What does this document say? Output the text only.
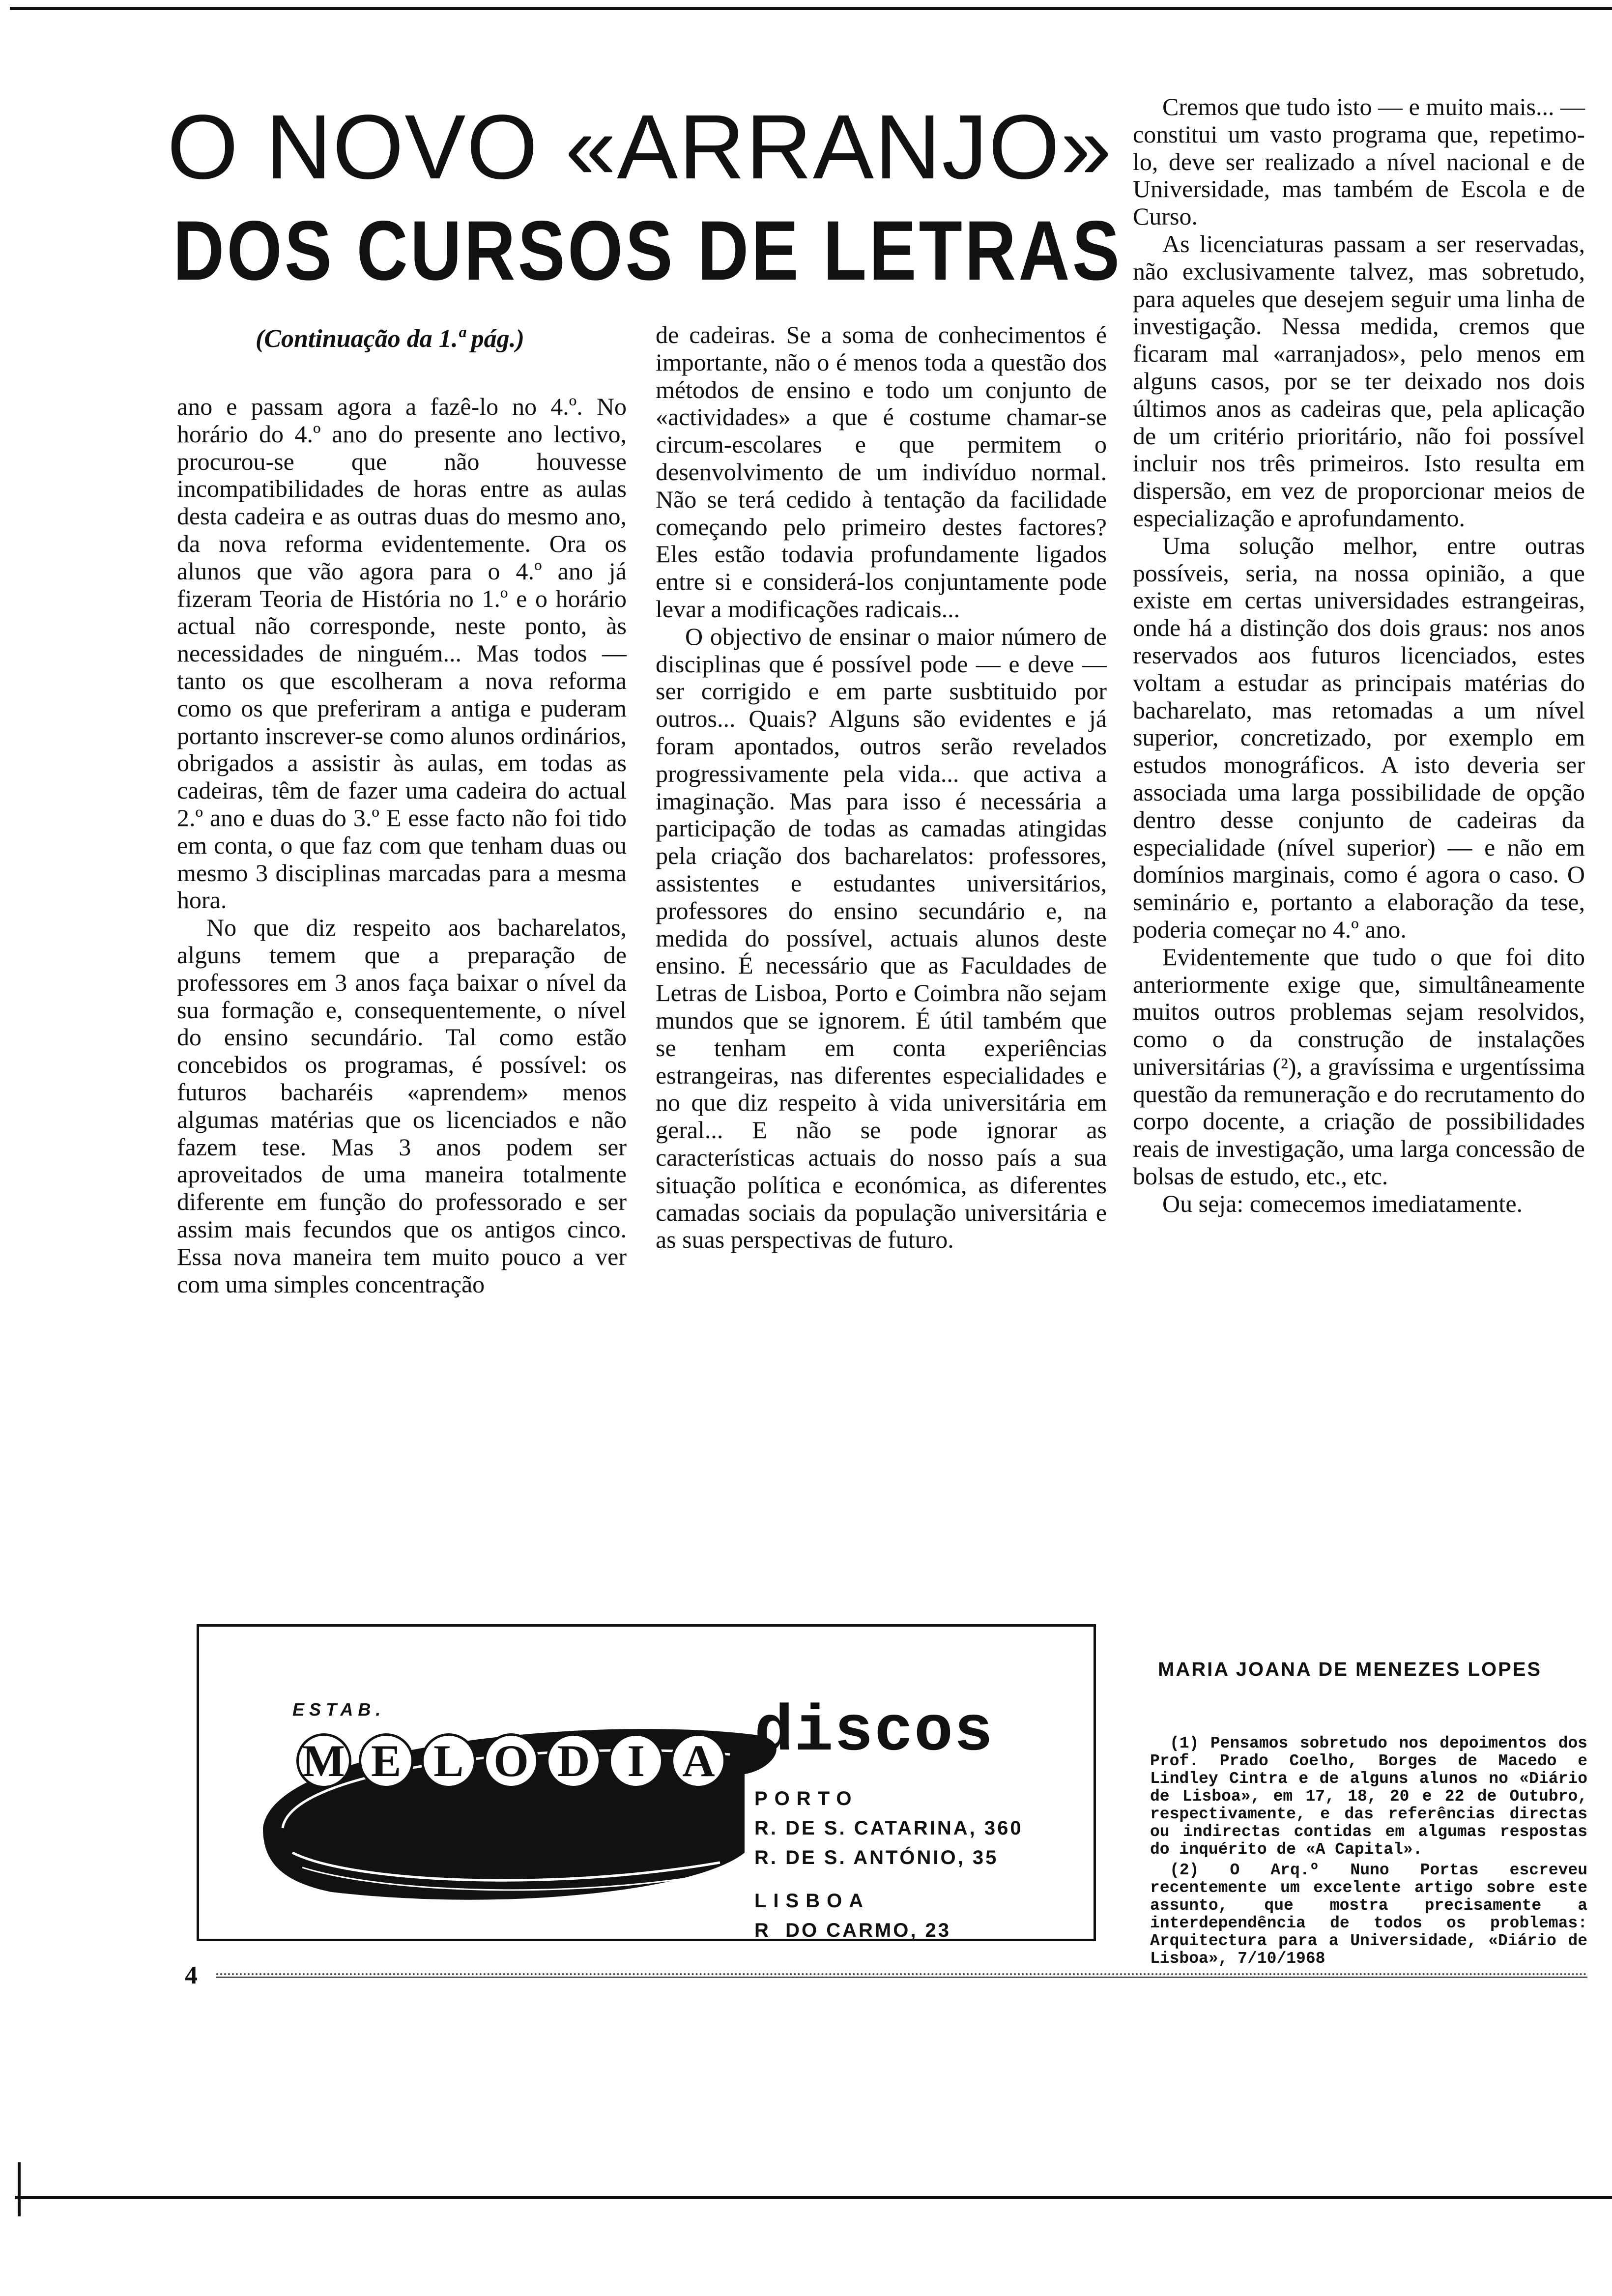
O NOVO «ARRANJO»
DOS CURSOS DE LETRAS
(Continuação da 1.ª pág.)

ano e passam agora a fazê-lo no 4.º. No horário do 4.º ano do presente ano lectivo, procurou-se que não houvesse incompatibilidades de horas entre as aulas desta cadeira e as outras duas do mesmo ano, da nova reforma evidentemente. Ora os alunos que vão agora para o 4.º ano já fizeram Teoria de História no 1.º e o horário actual não corresponde, neste ponto, às necessidades de ninguém... Mas todos — tanto os que escolheram a nova reforma como os que preferiram a antiga e puderam portanto inscrever-se como alunos ordinários, obrigados a assistir às aulas, em todas as cadeiras, têm de fazer uma cadeira do actual 2.º ano e duas do 3.º E esse facto não foi tido em conta, o que faz com que tenham duas ou mesmo 3 disciplinas marcadas para a mesma hora.

No que diz respeito aos bacharelatos, alguns temem que a preparação de professores em 3 anos faça baixar o nível da sua formação e, consequentemente, o nível do ensino secundário. Tal como estão concebidos os programas, é possível: os futuros bacharéis «aprendem» menos algumas matérias que os licenciados e não fazem tese. Mas 3 anos podem ser aproveitados de uma maneira totalmente diferente em função do professorado e ser assim mais fecundos que os antigos cinco. Essa nova maneira tem muito pouco a ver com uma simples concentração

de cadeiras. Se a soma de conhecimentos é importante, não o é menos toda a questão dos métodos de ensino e todo um conjunto de «actividades» a que é costume chamar-se circum-escolares e que permitem o desenvolvimento de um indivíduo normal. Não se terá cedido à tentação da facilidade começando pelo primeiro destes factores? Eles estão todavia profundamente ligados entre si e considerá-los conjuntamente pode levar a modificações radicais...

O objectivo de ensinar o maior número de disciplinas que é possível pode — e deve — ser corrigido e em parte susbtituido por outros... Quais? Alguns são evidentes e já foram apontados, outros serão revelados progressivamente pela vida... que activa a imaginação. Mas para isso é necessária a participação de todas as camadas atingidas pela criação dos bacharelatos: professores, assistentes e estudantes universitários, professores do ensino secundário e, na medida do possível, actuais alunos deste ensino. É necessário que as Faculdades de Letras de Lisboa, Porto e Coimbra não sejam mundos que se ignorem. É útil também que se tenham em conta experiências estrangeiras, nas diferentes especialidades e no que diz respeito à vida universitária em geral... E não se pode ignorar as características actuais do nosso país a sua situação política e económica, as diferentes camadas sociais da população universitária e as suas perspectivas de futuro.

Cremos que tudo isto — e muito mais... — constitui um vasto programa que, repetimo-lo, deve ser realizado a nível nacional e de Universidade, mas também de Escola e de Curso.

As licenciaturas passam a ser reservadas, não exclusivamente talvez, mas sobretudo, para aqueles que desejem seguir uma linha de investigação. Nessa medida, cremos que ficaram mal «arranjados», pelo menos em alguns casos, por se ter deixado nos dois últimos anos as cadeiras que, pela aplicação de um critério prioritário, não foi possível incluir nos três primeiros. Isto resulta em dispersão, em vez de proporcionar meios de especialização e aprofundamento.

Uma solução melhor, entre outras possíveis, seria, na nossa opinião, a que existe em certas universidades estrangeiras, onde há a distinção dos dois graus: nos anos reservados aos futuros licenciados, estes voltam a estudar as principais matérias do bacharelato, mas retomadas a um nível superior, concretizado, por exemplo em estudos monográficos. A isto deveria ser associada uma larga possibilidade de opção dentro desse conjunto de cadeiras da especialidade (nível superior) — e não em domínios marginais, como é agora o caso. O seminário e, portanto a elaboração da tese, poderia começar no 4.º ano.

Evidentemente que tudo o que foi dito anteriormente exige que, simultâneamente muitos outros problemas sejam resolvidos, como o da construção de instalações universitárias (²), a gravíssima e urgentíssima questão da remuneração e do recrutamento do corpo docente, a criação de possibilidades reais de investigação, uma larga concessão de bolsas de estudo, etc., etc.

Ou seja: comecemos imediatamente.

MARIA JOANA DE MENEZES LOPES

(1) Pensamos sobretudo nos depoimentos dos Prof. Prado Coelho, Borges de Macedo e Lindley Cintra e de alguns alunos no «Diário de Lisboa», em 17, 18, 20 e 22 de Outubro, respectivamente, e das referências directas ou indirectas contidas em algumas respostas do inquérito de «A Capital».

(2) O Arq.º Nuno Portas escreveu recentemente um excelente artigo sobre este assunto, que mostra precisamente a interdependência de todos os problemas: Arquitectura para a Universidade, «Diário de Lisboa», 7/10/1968

ESTAB.
M E L O D I A discos
PORTO
R. DE S. CATARINA, 360
R. DE S. ANTÓNIO, 35
LISBOA
R  DO CARMO, 23
4
